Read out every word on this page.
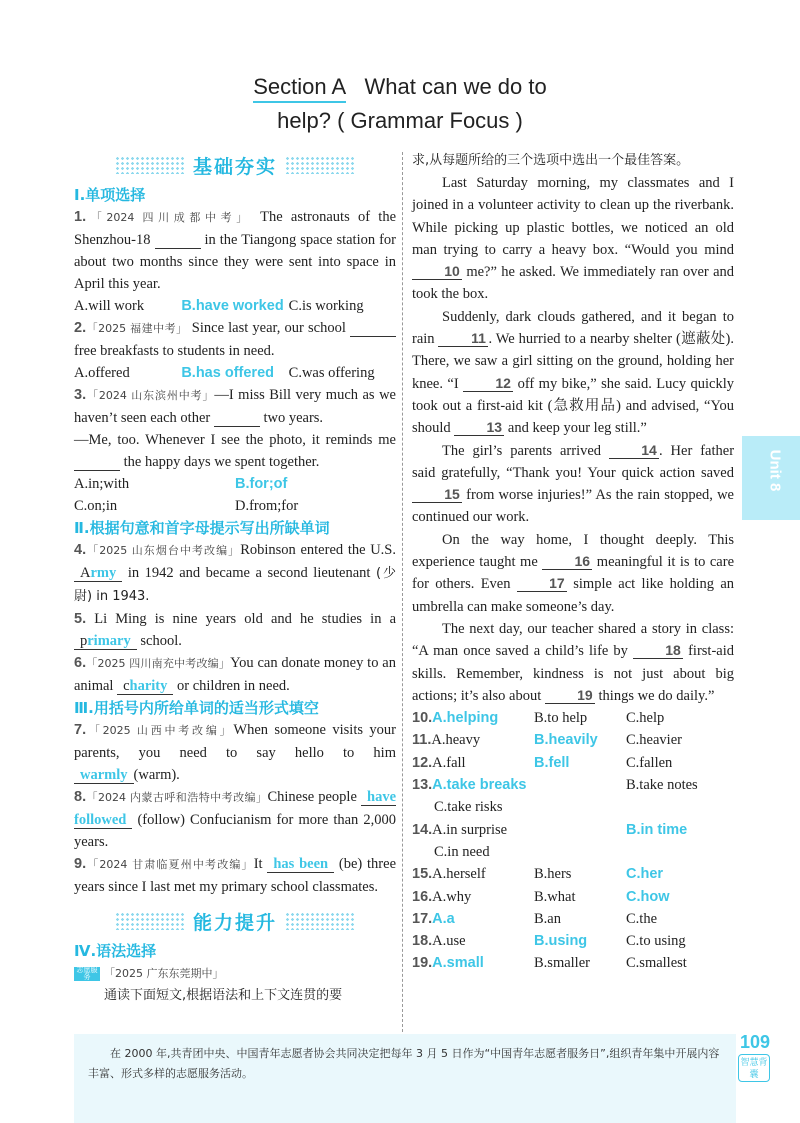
Section A What can we do to
help? ( Grammar Focus )
基础夯实
Ⅰ.单项选择
1.「2024 四川成都中考」 The astronauts of the Shenzhou-18	in the Tiangong space station for about two months since they were sent into space in April this year.
A.will work	B.have worked C.is working
2.「2025 福建中考」 Since last year, our school   free breakfasts to students in need.
A.offered	B.has offered	C.was offering
3.「2024 山东滨州中考」—I miss Bill very much as we haven’t seen each other	two years.
—Me, too. Whenever I see the photo, it reminds me   the happy days we spent together.
A.in;with	B.for;of
C.on;in	D.from;for
Ⅱ.根据句意和首字母提示写出所缺单词
4.「2025 山东烟台中考改编」Robinson entered the U.S. Army in 1942 and became a second lieutenant (少尉) in 1943.
5. Li Ming is nine years old and he studies in a primary school.
6.「2025 四川南充中考改编」You can donate money to an animal charity or children in need.
Ⅲ.用括号内所给单词的适当形式填空
7.「2025 山西中考改编」When someone visits your parents, you need to say hello to him warmly (warm).
8.「2024 内蒙古呼和浩特中考改编」Chinese people have followed (follow) Confucianism for more than 2,000 years.
9.「2024 甘肃临夏州中考改编」It has been (be) three years since I last met my primary school classmates.
能力提升
Ⅳ.语法选择
志愿服务 「2025 广东东莞期中」
通读下面短文,根据语法和上下文连贯的要
求,从每题所给的三个选项中选出一个最佳答案。
Last Saturday morning, my classmates and I joined in a volunteer activity to clean up the riverbank. While picking up plastic bottles, we noticed an old man trying to carry a heavy box. “Would you mind 10 me?” he asked. We immediately ran over and took the box.
Suddenly, dark clouds gathered, and it began to rain	11 . We hurried to a nearby shelter (遮蔽处). There, we saw a girl sitting on the ground, holding her knee. “I	12 off my bike,” she said. Lucy quickly took out a first-aid kit (急救用品) and advised, “You should	13 and keep your leg still.”
The girl’s parents arrived	14 . Her father said gratefully, “Thank you! Your quick action saved 15 from worse injuries!” As the rain stopped, we continued our work.
On the way home, I thought deeply. This experience taught me	16 meaningful it is to care for others. Even	17 simple act like holding an umbrella can make someone’s day.
The next day, our teacher shared a story in class: “A man once saved a child’s life by	18 first-aid skills. Remember, kindness is not just about big actions; it’s also about	19 things we do daily.”
10.A.helping	B.to help	C.help
11.A.heavy	B.heavily	C.heavier
12.A.fall	B.fell	C.fallen
13.A.take breaks	B.take notes
C.take risks
14.A.in surprise	B.in time
C.in need
15.A.herself	B.hers	C.her
16.A.why	B.what	C.how
17.A.a	B.an	C.the
18.A.use	B.using	C.to using
19.A.small	B.smaller	C.smallest
Unit 8
在 2000 年,共青团中央、中国青年志愿者协会共同决定把每年 3 月 5 日作为“中国青年志愿者服务日”,组织青年集中开展内容丰富、形式多样的志愿服务活动。
109
智慧背囊
